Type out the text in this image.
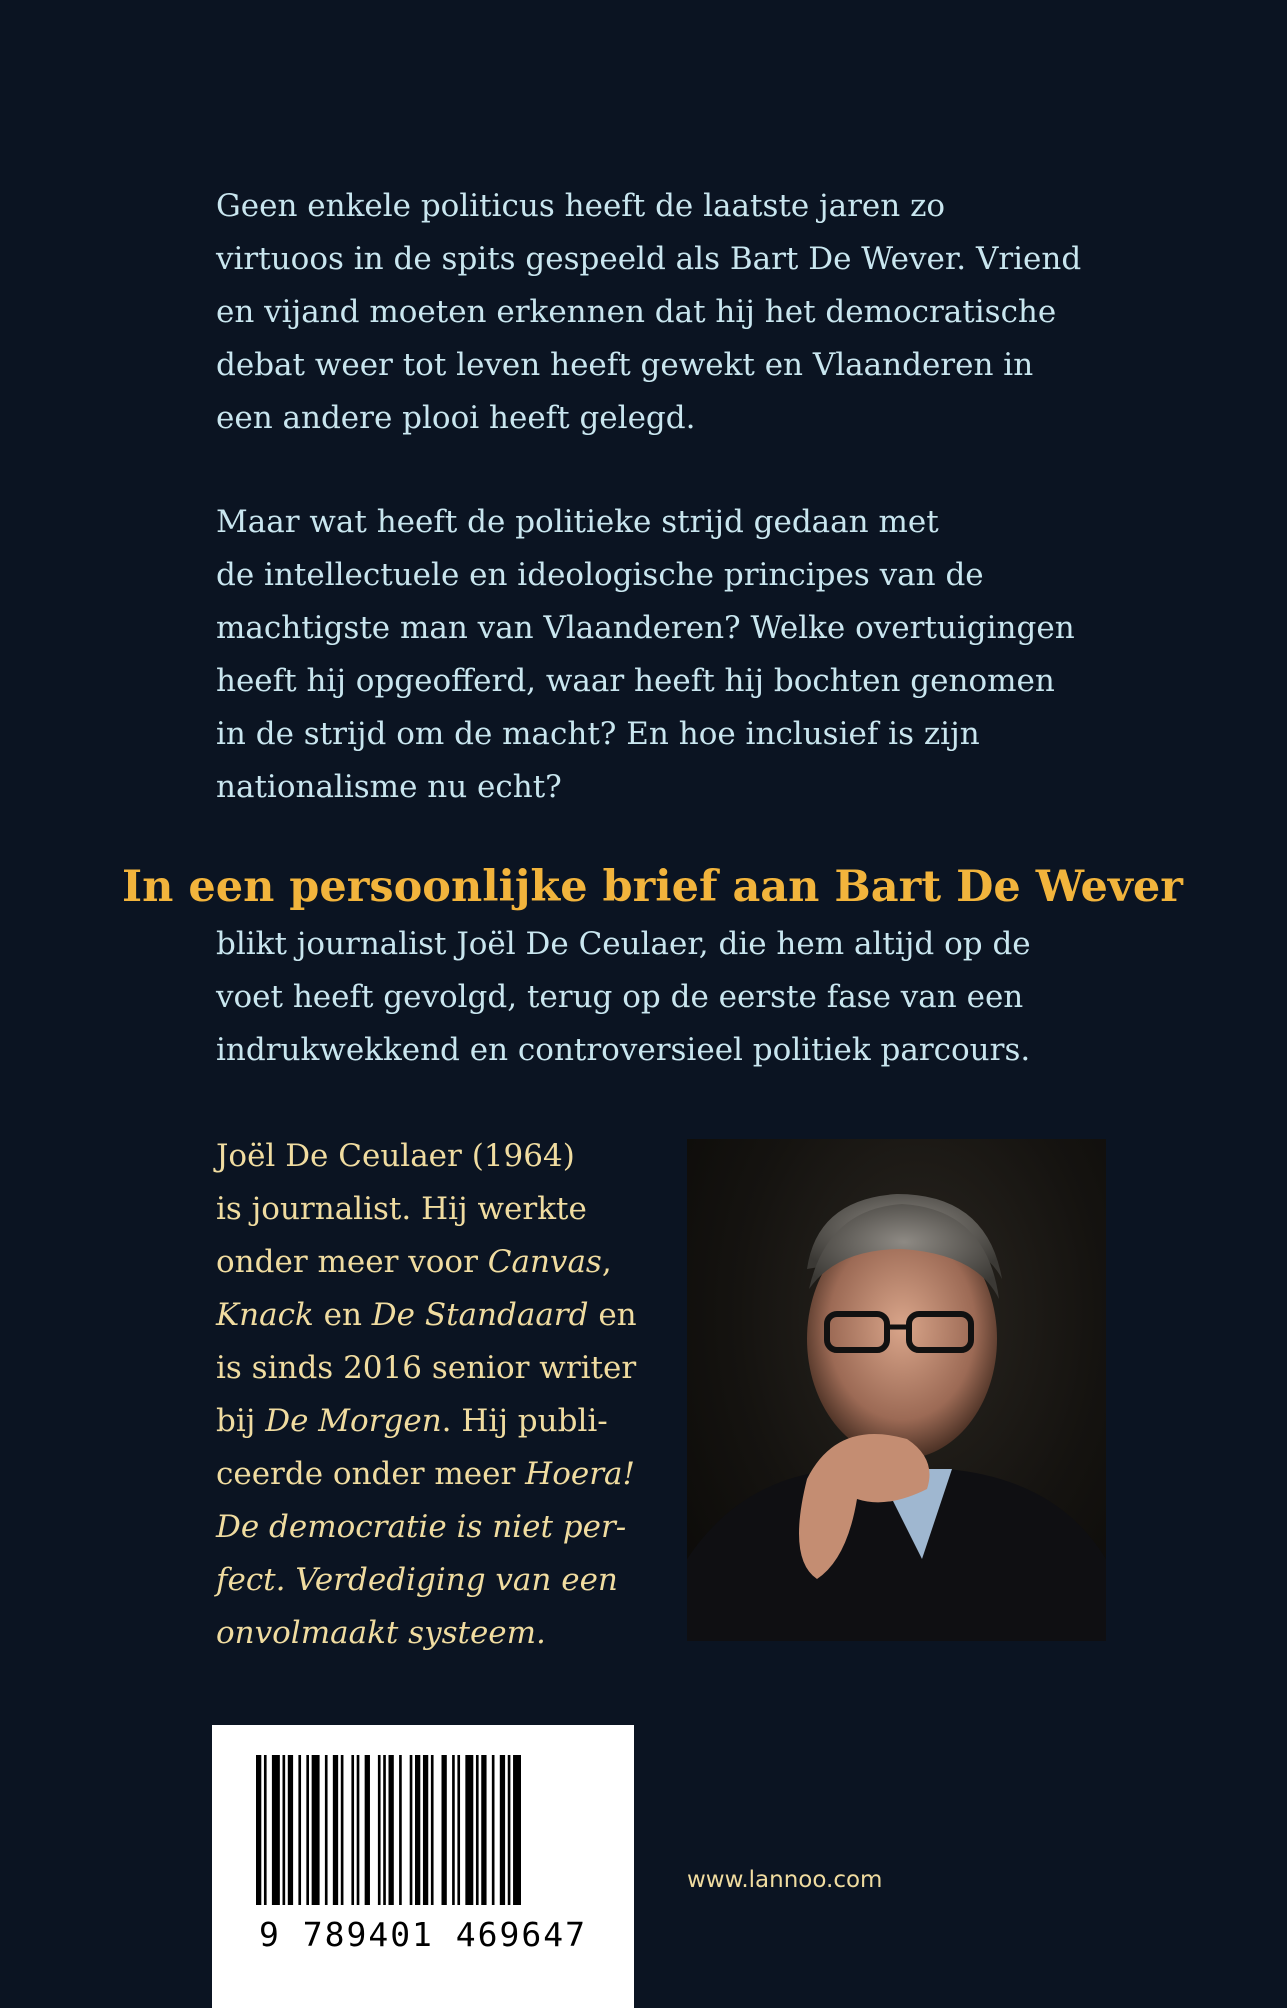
Geen enkele politicus heeft de laatste jaren zo
virtuoos in de spits gespeeld als Bart De Wever. Vriend
en vijand moeten erkennen dat hij het democratische
debat weer tot leven heeft gewekt en Vlaanderen in
een andere plooi heeft gelegd.

Maar wat heeft de politieke strijd gedaan met
de intellectuele en ideologische principes van de
machtigste man van Vlaanderen? Welke overtuigingen
heeft hij opgeofferd, waar heeft hij bochten genomen
in de strijd om de macht? En hoe inclusief is zijn
nationalisme nu echt?

In een persoonlijke brief aan Bart De Wever

blikt journalist Joël De Ceulaer, die hem altijd op de
voet heeft gevolgd, terug op de eerste fase van een
indrukwekkend en controversieel politiek parcours.

Joël De Ceulaer (1964)
is journalist. Hij werkte
onder meer voor Canvas,
Knack en De Standaard en
is sinds 2016 senior writer
bij De Morgen. Hij publi-
ceerde onder meer Hoera!
De democratie is niet per-
fect. Verdediging van een
onvolmaakt systeem.

9 789401 469647
www.lannoo.com
